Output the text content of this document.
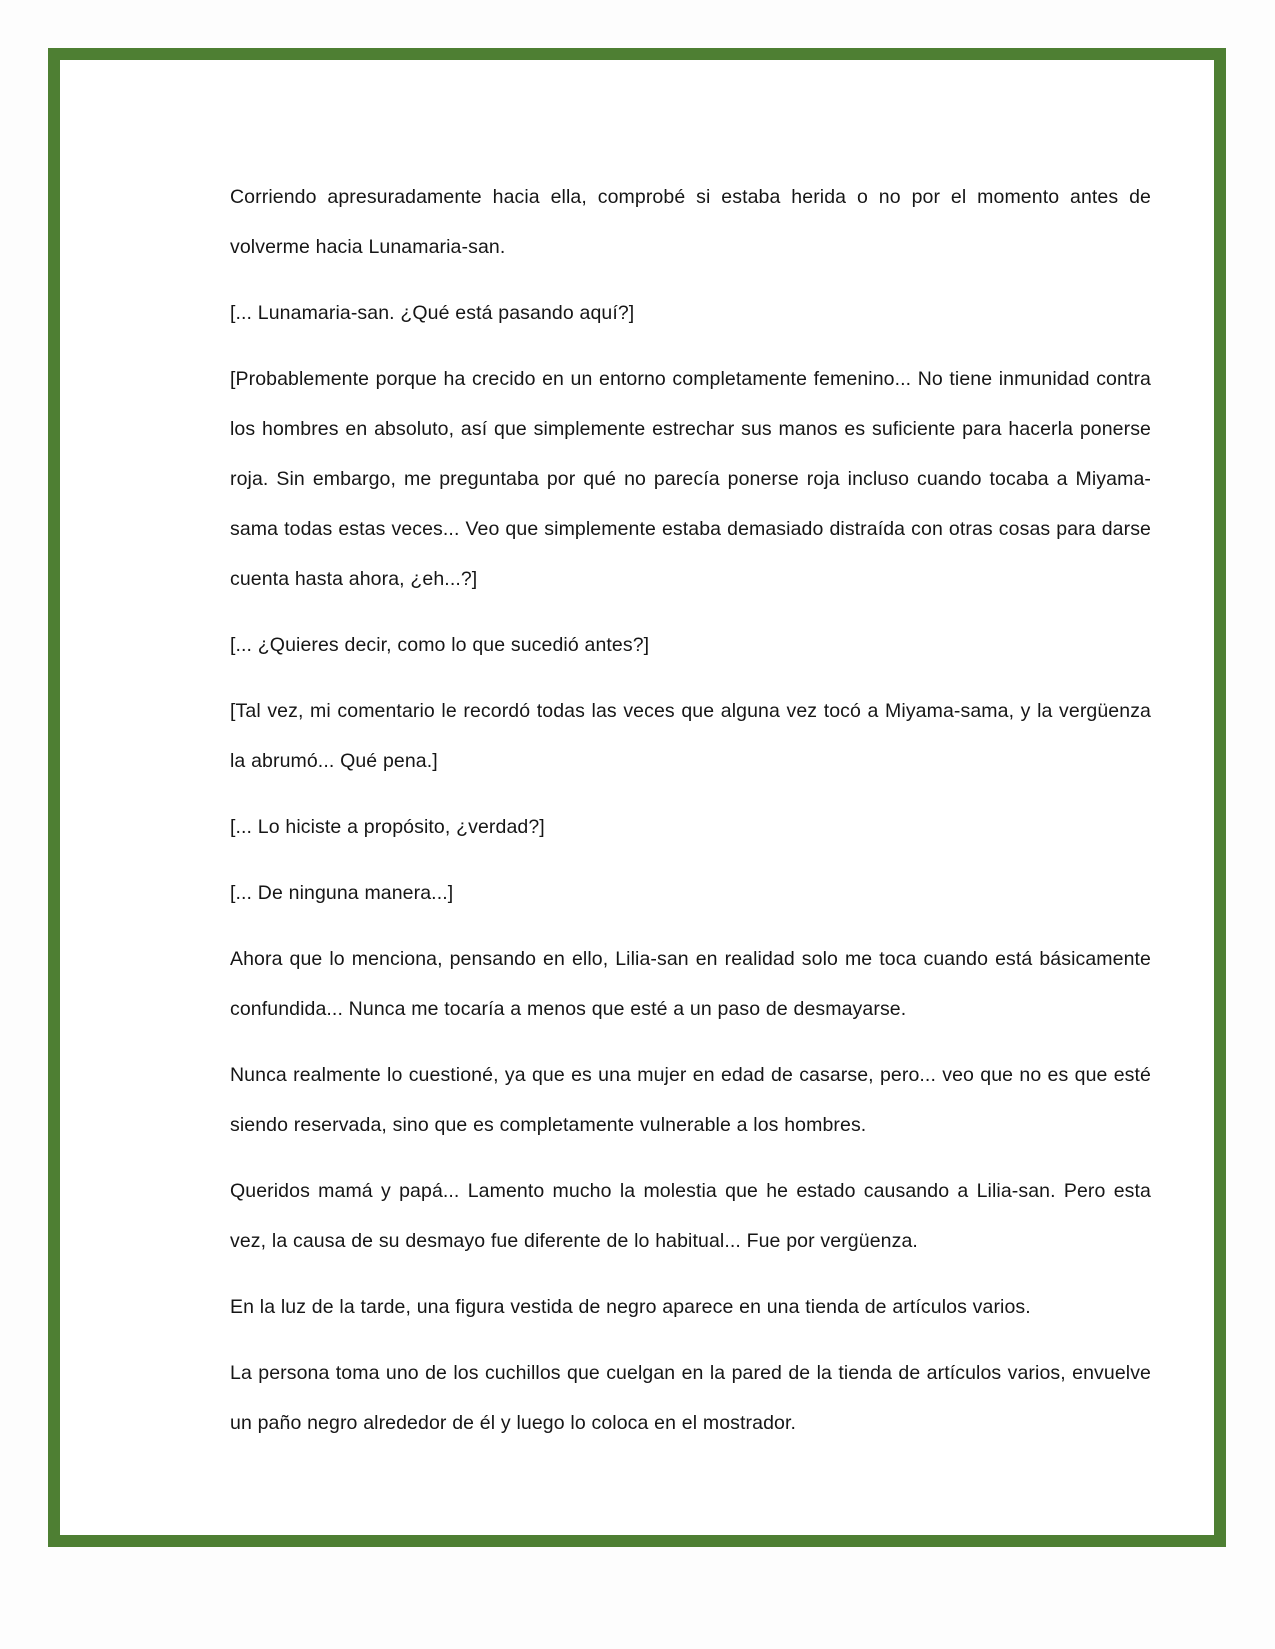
Corriendo apresuradamente hacia ella, comprobé si estaba herida o no por el momento antes de volverme hacia Lunamaria-san.

[... Lunamaria-san. ¿Qué está pasando aquí?]

[Probablemente porque ha crecido en un entorno completamente femenino... No tiene inmunidad contra los hombres en absoluto, así que simplemente estrechar sus manos es suficiente para hacerla ponerse roja. Sin embargo, me preguntaba por qué no parecía ponerse roja incluso cuando tocaba a Miyama-sama todas estas veces... Veo que simplemente estaba demasiado distraída con otras cosas para darse cuenta hasta ahora, ¿eh...?]

[... ¿Quieres decir, como lo que sucedió antes?]

[Tal vez, mi comentario le recordó todas las veces que alguna vez tocó a Miyama-sama, y la vergüenza la abrumó... Qué pena.]

[... Lo hiciste a propósito, ¿verdad?]

[... De ninguna manera...]

Ahora que lo menciona, pensando en ello, Lilia-san en realidad solo me toca cuando está básicamente confundida... Nunca me tocaría a menos que esté a un paso de desmayarse.

Nunca realmente lo cuestioné, ya que es una mujer en edad de casarse, pero... veo que no es que esté siendo reservada, sino que es completamente vulnerable a los hombres.

Queridos mamá y papá... Lamento mucho la molestia que he estado causando a Lilia-san. Pero esta vez, la causa de su desmayo fue diferente de lo habitual... Fue por vergüenza.

En la luz de la tarde, una figura vestida de negro aparece en una tienda de artículos varios.

La persona toma uno de los cuchillos que cuelgan en la pared de la tienda de artículos varios, envuelve un paño negro alrededor de él y luego lo coloca en el mostrador.
